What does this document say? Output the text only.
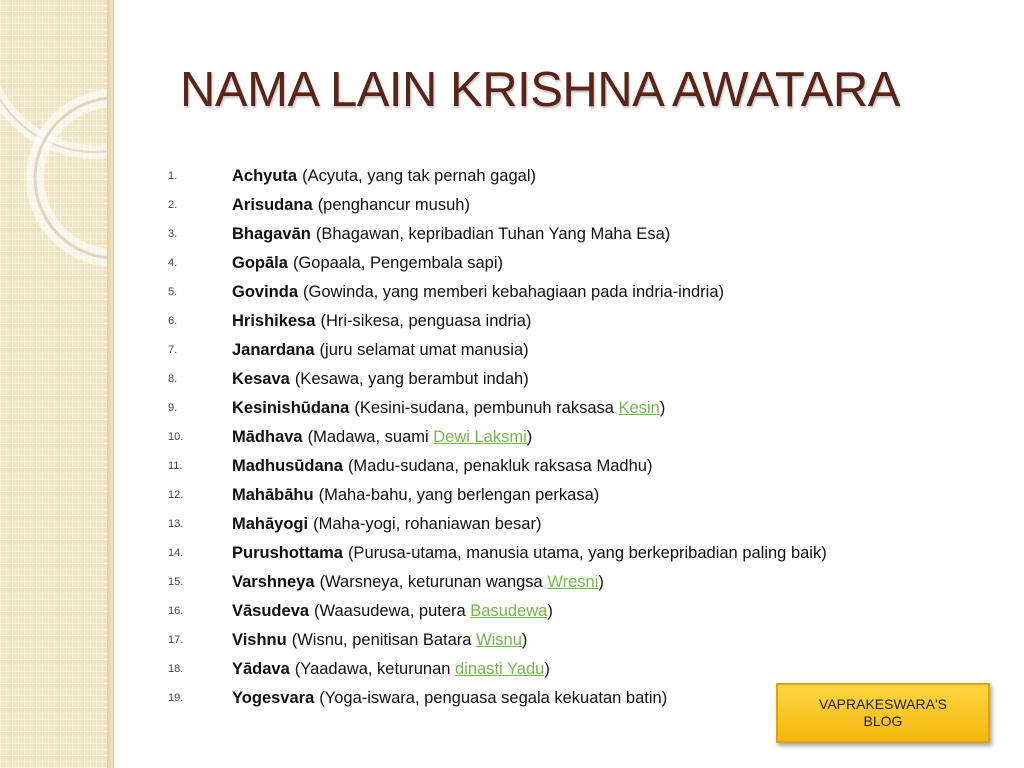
NAMA LAIN KRISHNA AWATARA
1.	Achyuta (Acyuta, yang tak pernah gagal)
2.	Arisudana (penghancur musuh)
3.	Bhagavān (Bhagawan, kepribadian Tuhan Yang Maha Esa)
4.	Gopāla (Gopaala, Pengembala sapi)
5.	Govinda (Gowinda, yang memberi kebahagiaan pada indria-indria)
6.	Hrishikesa (Hri-sikesa, penguasa indria)
7.	Janardana (juru selamat umat manusia)
8.	Kesava (Kesawa, yang berambut indah)
9.	Kesinishūdana (Kesini-sudana, pembunuh raksasa Kesin)
10.	Mādhava (Madawa, suami Dewi Laksmi)
11.	Madhusūdana (Madu-sudana, penakluk raksasa Madhu)
12.	Mahābāhu (Maha-bahu, yang berlengan perkasa)
13.	Mahāyogi (Maha-yogi, rohaniawan besar)
14.	Purushottama (Purusa-utama, manusia utama, yang berkepribadian paling baik)
15.	Varshneya (Warsneya, keturunan wangsa Wresni)
16.	Vāsudeva (Waasudewa, putera Basudewa)
17.	Vishnu (Wisnu, penitisan Batara Wisnu)
18.	Yādava (Yaadawa, keturunan dinasti Yadu)
19.	Yogesvara (Yoga-iswara, penguasa segala kekuatan batin)	VAPRAKESWARA'S
BLOG
